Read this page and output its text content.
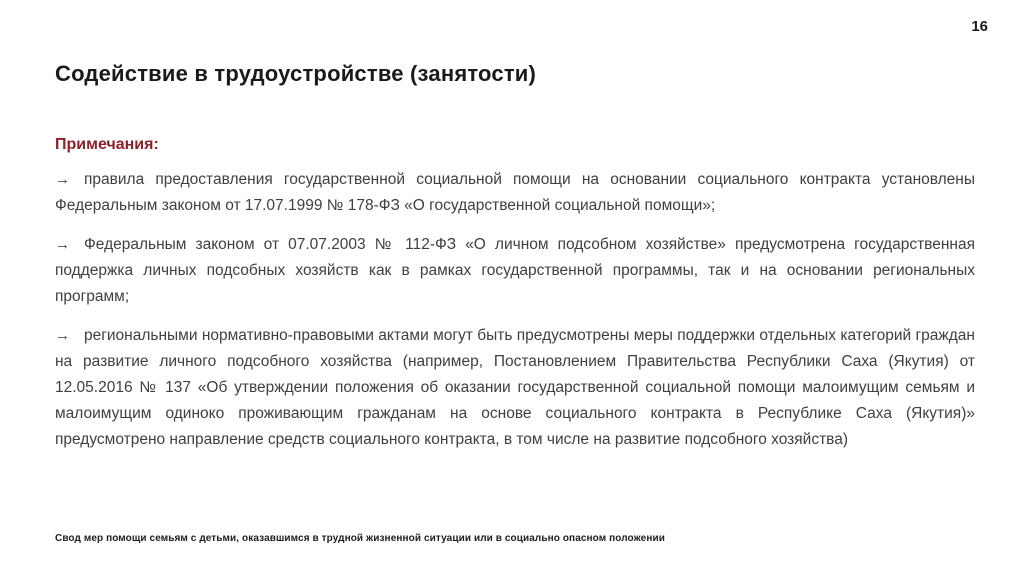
16
Содействие в трудоустройстве (занятости)
Примечания:

→ правила предоставления государственной социальной помощи на основании социального контракта установлены Федеральным законом от 17.07.1999 № 178-ФЗ «О государственной социальной помощи»;

→ Федеральным законом от 07.07.2003 № 112-ФЗ «О личном подсобном хозяйстве» предусмотрена государственная поддержка личных подсобных хозяйств как в рамках государственной программы, так и на основании региональных программ;

→ региональными нормативно-правовыми актами могут быть предусмотрены меры поддержки отдельных категорий граждан на развитие личного подсобного хозяйства (например, Постановлением Правительства Республики Саха (Якутия) от 12.05.2016 № 137 «Об утверждении положения об оказании государственной социальной помощи малоимущим семьям и малоимущим одиноко проживающим гражданам на основе социального контракта в Республике Саха (Якутия)» предусмотрено направление средств социального контракта, в том числе на развитие подсобного хозяйства)

Свод мер помощи семьям с детьми, оказавшимся в трудной жизненной ситуации или в социально опасном положении
